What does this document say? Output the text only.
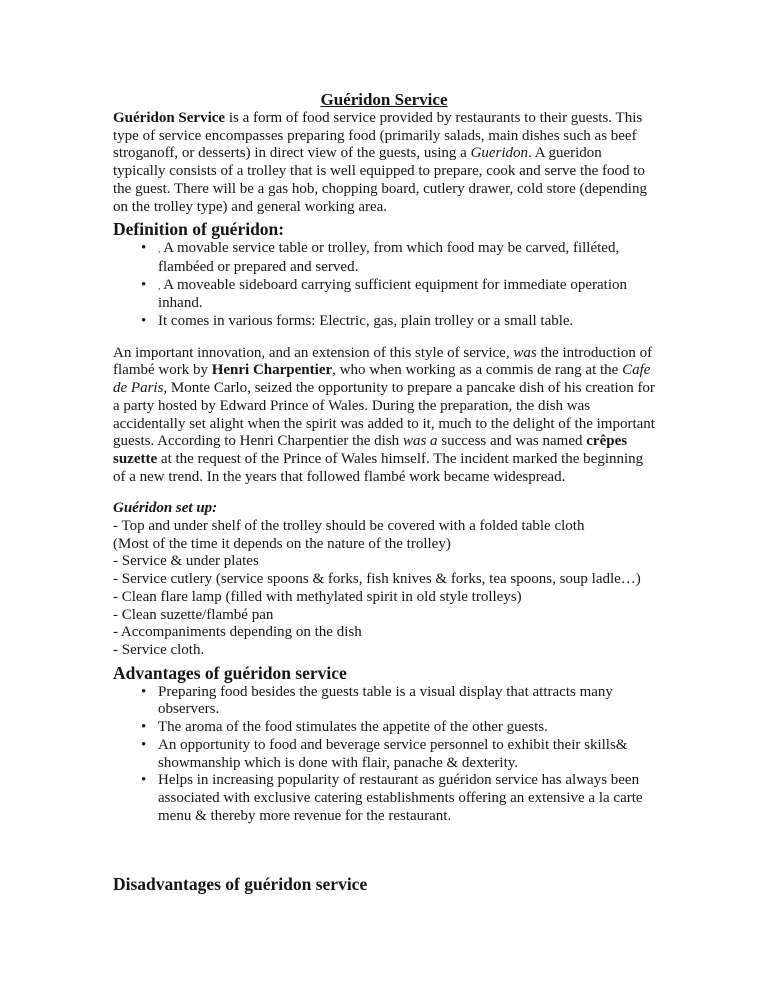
Guéridon Service

Guéridon Service is a form of food service provided by restaurants to their guests. This type of service encompasses preparing food (primarily salads, main dishes such as beef stroganoff, or desserts) in direct view of the guests, using a Gueridon. A gueridon typically consists of a trolley that is well equipped to prepare, cook and serve the food to the guest. There will be a gas hob, chopping board, cutlery drawer, cold store (depending on the trolley type) and general working area.

Definition of guéridon:
• , A movable service table or trolley, from which food may be carved, filléted, flambéed or prepared and served.
• , A moveable sideboard carrying sufficient equipment for immediate operation inhand.
• It comes in various forms: Electric, gas, plain trolley or a small table.

An important innovation, and an extension of this style of service, was the introduction of flambé work by Henri Charpentier, who when working as a commis de rang at the Cafe de Paris, Monte Carlo, seized the opportunity to prepare a pancake dish of his creation for a party hosted by Edward Prince of Wales. During the preparation, the dish was accidentally set alight when the spirit was added to it, much to the delight of the important guests. According to Henri Charpentier the dish was a success and was named crêpes suzette at the request of the Prince of Wales himself. The incident marked the beginning of a new trend. In the years that followed flambé work became widespread.

Guéridon set up:
- Top and under shelf of the trolley should be covered with a folded table cloth
(Most of the time it depends on the nature of the trolley)
- Service & under plates
- Service cutlery (service spoons & forks, fish knives & forks, tea spoons, soup ladle…)
- Clean flare lamp (filled with methylated spirit in old style trolleys)
- Clean suzette/flambé pan
- Accompaniments depending on the dish
- Service cloth.
Advantages of guéridon service
• Preparing food besides the guests table is a visual display that attracts many observers.
• The aroma of the food stimulates the appetite of the other guests.
• An opportunity to food and beverage service personnel to exhibit their skills& showmanship which is done with flair, panache & dexterity.
• Helps in increasing popularity of restaurant as guéridon service has always been associated with exclusive catering establishments offering an extensive a la carte menu & thereby more revenue for the restaurant.
Disadvantages of guéridon service
